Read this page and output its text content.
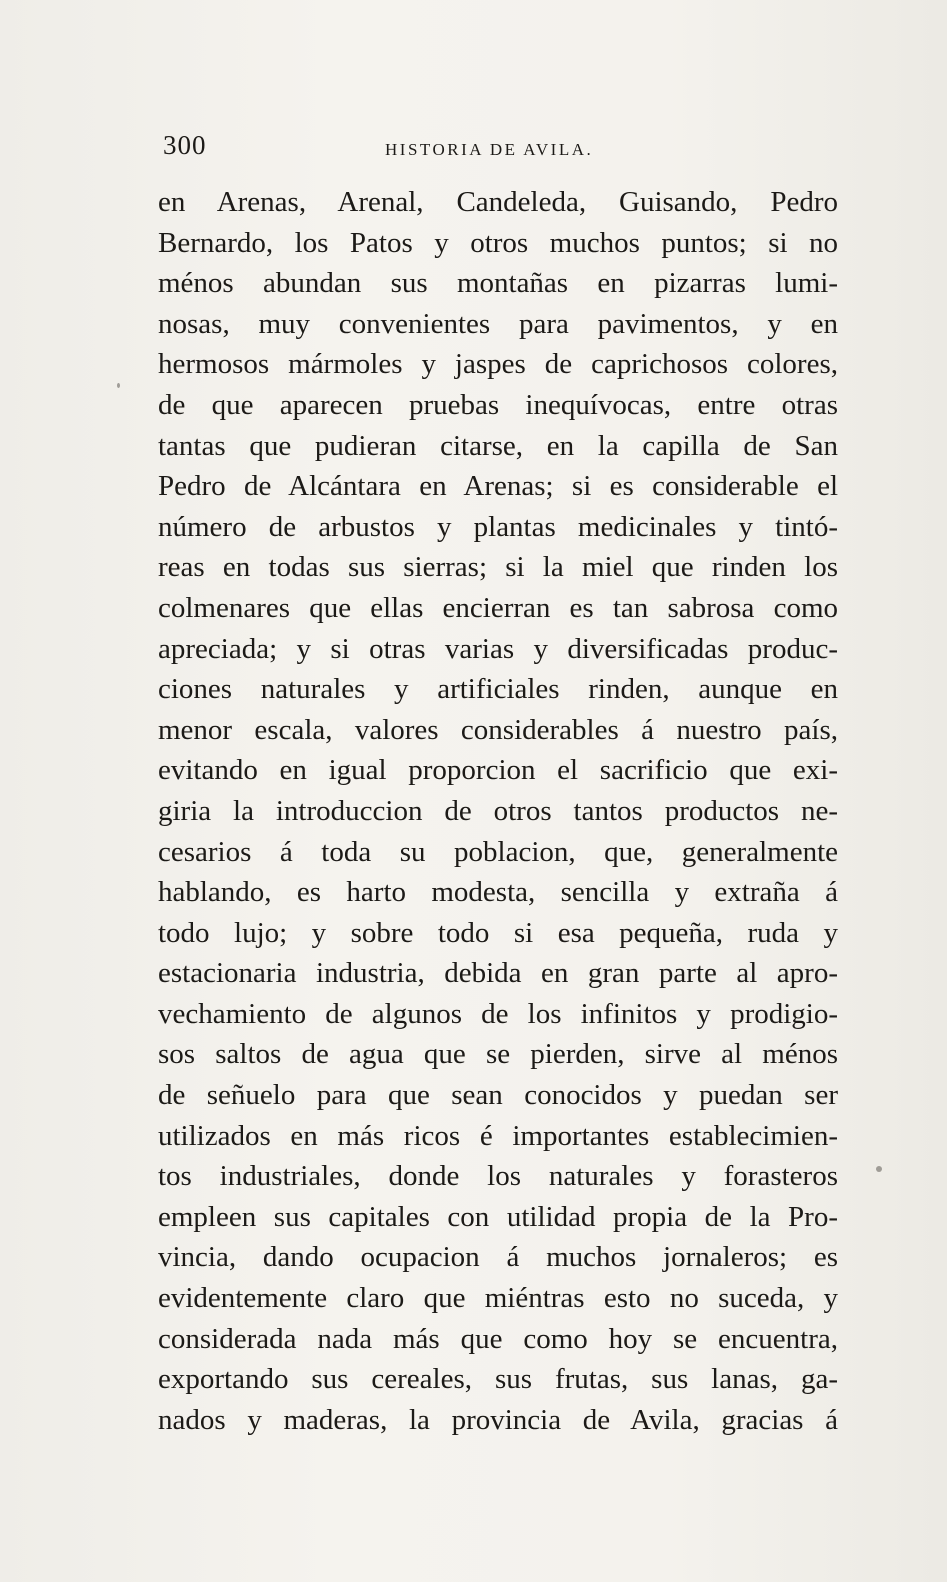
300	HISTORIA DE AVILA.
en Arenas, Arenal, Candeleda, Guisando, Pedro
Bernardo, los Patos y otros muchos puntos; si no
ménos abundan sus montañas en pizarras lumi-
nosas, muy convenientes para pavimentos, y en
hermosos mármoles y jaspes de caprichosos colores,
de que aparecen pruebas inequívocas, entre otras
tantas que pudieran citarse, en la capilla de San
Pedro de Alcántara en Arenas; si es considerable el
número de arbustos y plantas medicinales y tintó-
reas en todas sus sierras; si la miel que rinden los
colmenares que ellas encierran es tan sabrosa como
apreciada; y si otras varias y diversificadas produc-
ciones naturales y artificiales rinden, aunque en
menor escala, valores considerables á nuestro país,
evitando en igual proporcion el sacrificio que exi-
giria la introduccion de otros tantos productos ne-
cesarios á toda su poblacion, que, generalmente
hablando, es harto modesta, sencilla y extraña á
todo lujo; y sobre todo si esa pequeña, ruda y
estacionaria industria, debida en gran parte al apro-
vechamiento de algunos de los infinitos y prodigio-
sos saltos de agua que se pierden, sirve al ménos
de señuelo para que sean conocidos y puedan ser
utilizados en más ricos é importantes establecimien-
tos industriales, donde los naturales y forasteros
empleen sus capitales con utilidad propia de la Pro-
vincia, dando ocupacion á muchos jornaleros; es
evidentemente claro que miéntras esto no suceda, y
considerada nada más que como hoy se encuentra,
exportando sus cereales, sus frutas, sus lanas, ga-
nados y maderas, la provincia de Avila, gracias á
